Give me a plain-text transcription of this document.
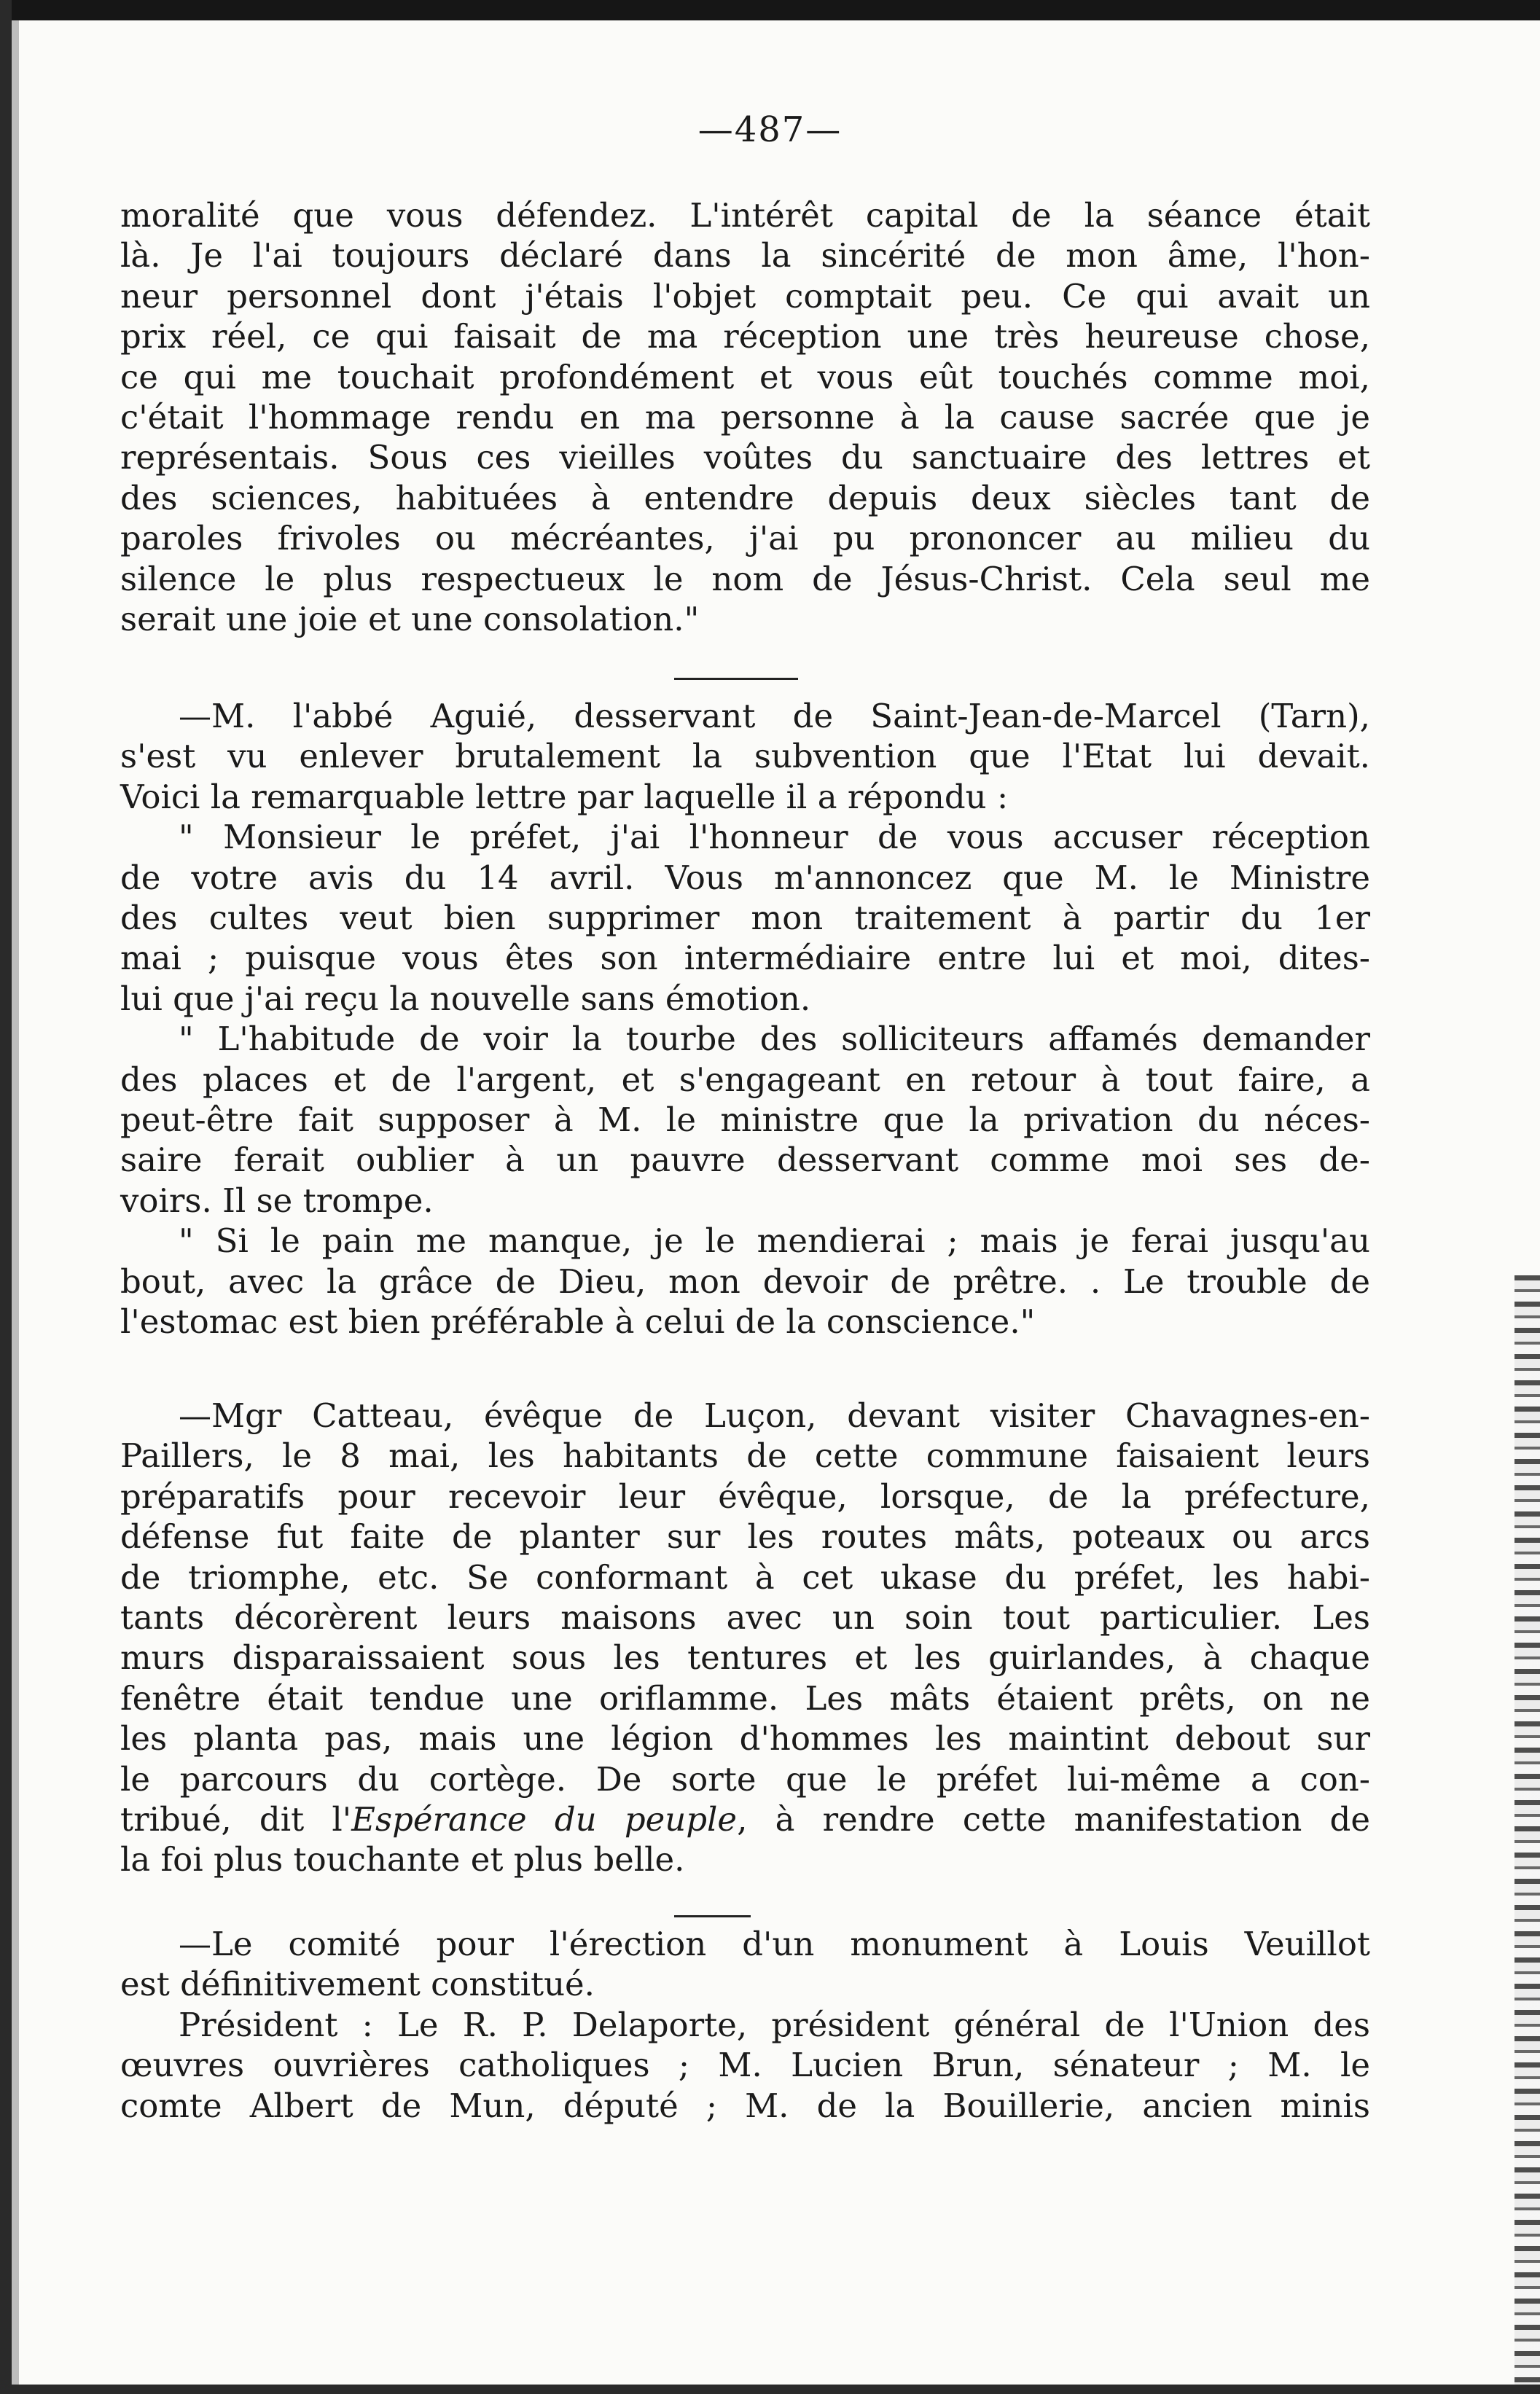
—487—
moralité que vous défendez. L'intérêt capital de la séance était
là. Je l'ai toujours déclaré dans la sincérité de mon âme, l'hon-
neur personnel dont j'étais l'objet comptait peu. Ce qui avait un
prix réel, ce qui faisait de ma réception une très heureuse chose,
ce qui me touchait profondément et vous eût touchés comme moi,
c'était l'hommage rendu en ma personne à la cause sacrée que je
représentais. Sous ces vieilles voûtes du sanctuaire des lettres et
des sciences, habituées à entendre depuis deux siècles tant de
paroles frivoles ou mécréantes, j'ai pu prononcer au milieu du
silence le plus respectueux le nom de Jésus-Christ. Cela seul me
serait une joie et une consolation."
—M. l'abbé Aguié, desservant de Saint-Jean-de-Marcel (Tarn),
s'est vu enlever brutalement la subvention que l'Etat lui devait.
Voici la remarquable lettre par laquelle il a répondu :
" Monsieur le préfet, j'ai l'honneur de vous accuser réception
de votre avis du 14 avril. Vous m'annoncez que M. le Ministre
des cultes veut bien supprimer mon traitement à partir du 1er
mai ; puisque vous êtes son intermédiaire entre lui et moi, dites-
lui que j'ai reçu la nouvelle sans émotion.
" L'habitude de voir la tourbe des solliciteurs affamés demander
des places et de l'argent, et s'engageant en retour à tout faire, a
peut-être fait supposer à M. le ministre que la privation du néces-
saire ferait oublier à un pauvre desservant comme moi ses de-
voirs. Il se trompe.
" Si le pain me manque, je le mendierai ; mais je ferai jusqu'au
bout, avec la grâce de Dieu, mon devoir de prêtre. . Le trouble de
l'estomac est bien préférable à celui de la conscience."
—Mgr Catteau, évêque de Luçon, devant visiter Chavagnes-en-
Paillers, le 8 mai, les habitants de cette commune faisaient leurs
préparatifs pour recevoir leur évêque, lorsque, de la préfecture,
défense fut faite de planter sur les routes mâts, poteaux ou arcs
de triomphe, etc. Se conformant à cet ukase du préfet, les habi-
tants décorèrent leurs maisons avec un soin tout particulier. Les
murs disparaissaient sous les tentures et les guirlandes, à chaque
fenêtre était tendue une oriflamme. Les mâts étaient prêts, on ne
les planta pas, mais une légion d'hommes les maintint debout sur
le parcours du cortège. De sorte que le préfet lui-même a con-
tribué, dit l'Espérance du peuple, à rendre cette manifestation de
la foi plus touchante et plus belle.
—Le comité pour l'érection d'un monument à Louis Veuillot
est définitivement constitué.
Président : Le R. P. Delaporte, président général de l'Union des
œuvres ouvrières catholiques ; M. Lucien Brun, sénateur ; M. le
comte Albert de Mun, député ; M. de la Bouillerie, ancien minis
